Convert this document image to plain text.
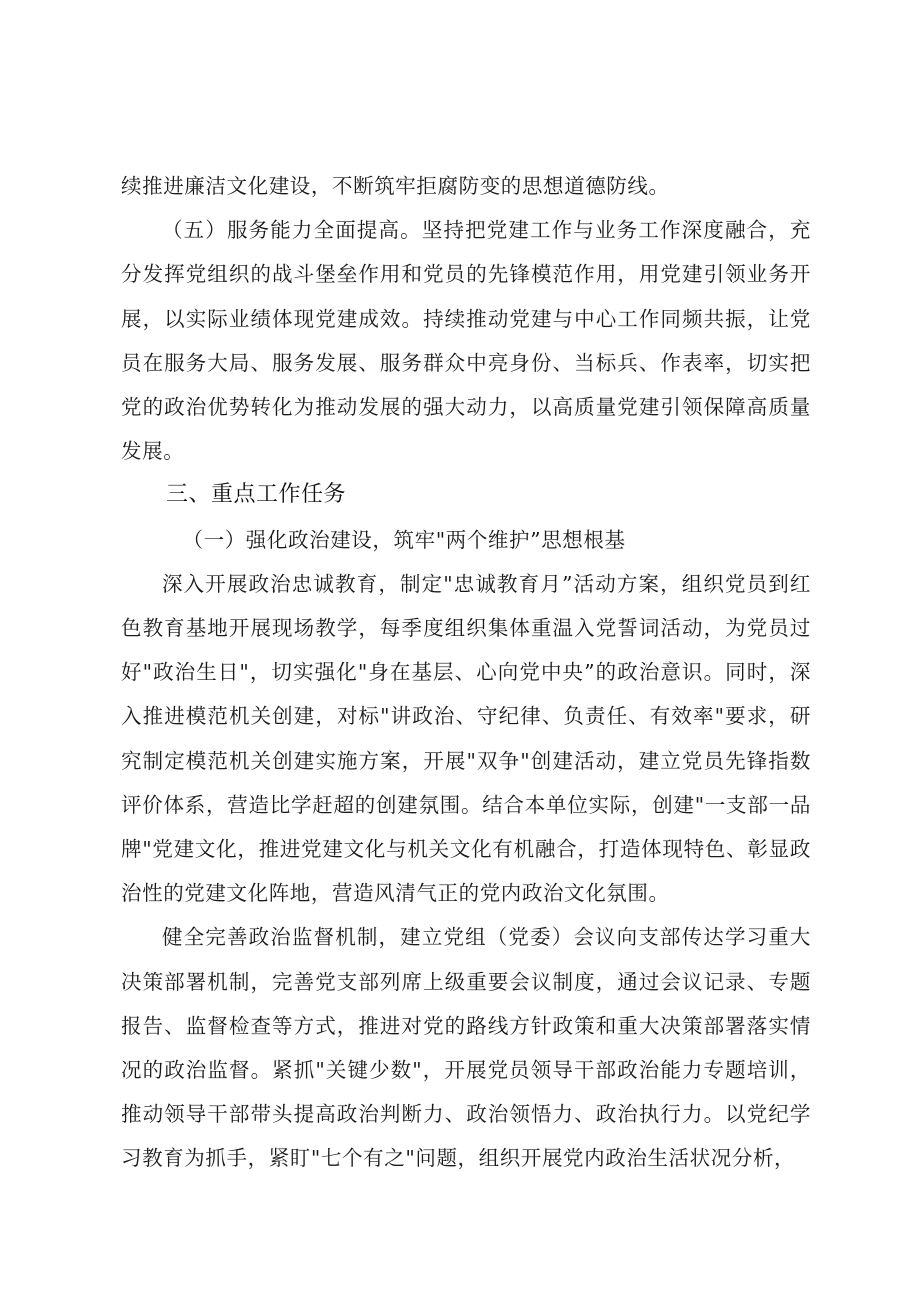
续推进廉洁文化建设，不断筑牢拒腐防变的思想道德防线。

（五）服务能力全面提高。坚持把党建工作与业务工作深度融合，充分发挥党组织的战斗堡垒作用和党员的先锋模范作用，用党建引领业务开展，以实际业绩体现党建成效。持续推动党建与中心工作同频共振，让党员在服务大局、服务发展、服务群众中亮身份、当标兵、作表率，切实把党的政治优势转化为推动发展的强大动力，以高质量党建引领保障高质量发展。

三、重点工作任务

（一）强化政治建设，筑牢"两个维护”思想根基

深入开展政治忠诚教育，制定"忠诚教育月”活动方案，组织党员到红色教育基地开展现场教学，每季度组织集体重温入党誓词活动，为党员过好"政治生日"，切实强化"身在基层、心向党中央”的政治意识。同时，深入推进模范机关创建，对标"讲政治、守纪律、负责任、有效率"要求，研究制定模范机关创建实施方案，开展"双争"创建活动，建立党员先锋指数评价体系，营造比学赶超的创建氛围。结合本单位实际，创建"一支部一品牌"党建文化，推进党建文化与机关文化有机融合，打造体现特色、彰显政治性的党建文化阵地，营造风清气正的党内政治文化氛围。

健全完善政治监督机制，建立党组（党委）会议向支部传达学习重大决策部署机制，完善党支部列席上级重要会议制度，通过会议记录、专题报告、监督检查等方式，推进对党的路线方针政策和重大决策部署落实情况的政治监督。紧抓"关键少数"，开展党员领导干部政治能力专题培训，推动领导干部带头提高政治判断力、政治领悟力、政治执行力。以党纪学习教育为抓手，紧盯"七个有之"问题，组织开展党内政治生活状况分析，
